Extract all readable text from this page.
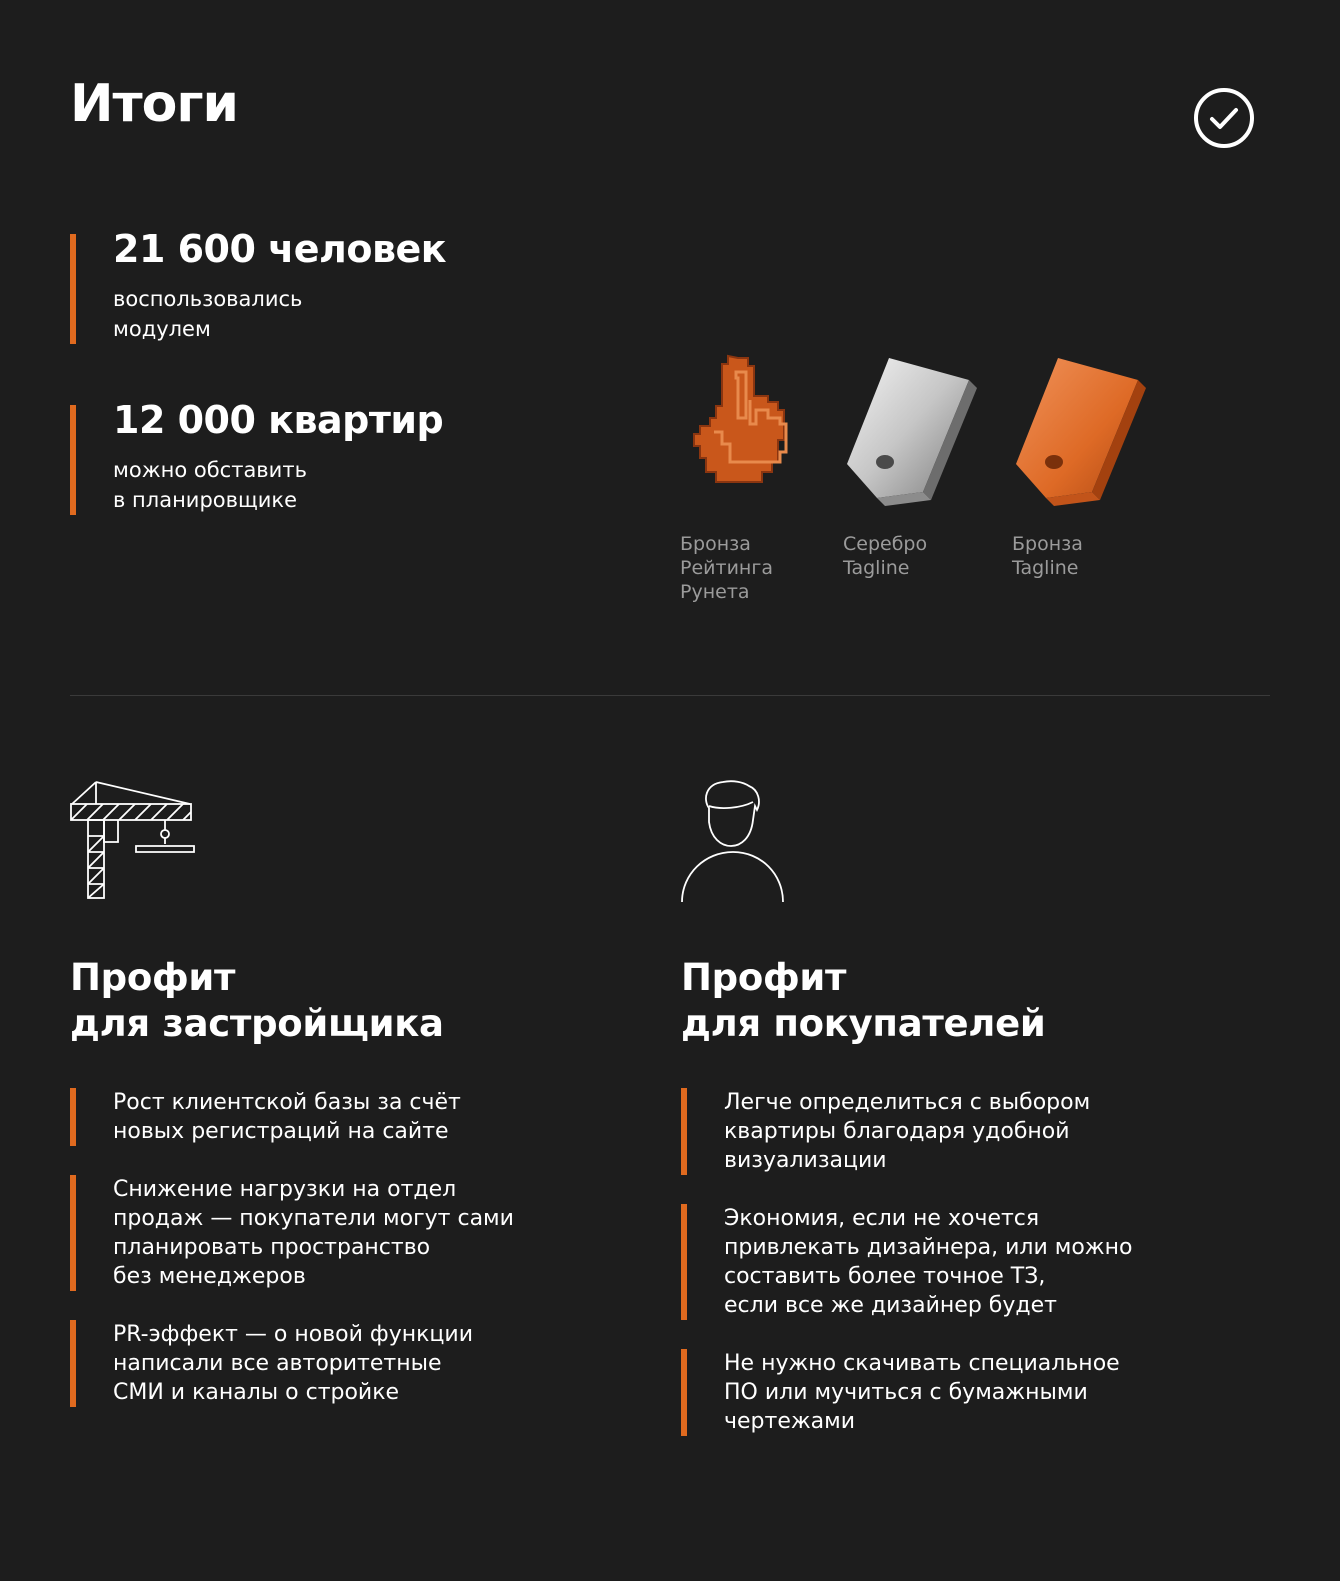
Итоги
21 600 человек
воспользовались
модулем
12 000 квартир
можно обставить
в планировщике
Бронза
Рейтинга
Рунета
Серебро
Tagline
Бронза
Tagline
Профит
для застройщика
Рост клиентской базы за счёт
новых регистраций на сайте
Снижение нагрузки на отдел
продаж — покупатели могут сами
планировать пространство
без менеджеров
PR-эффект — о новой функции
написали все авторитетные
СМИ и каналы о стройке
Профит
для покупателей
Легче определиться с выбором
квартиры благодаря удобной
визуализации
Экономия, если не хочется
привлекать дизайнера, или можно
составить более точное ТЗ,
если все же дизайнер будет
Не нужно скачивать специальное
ПО или мучиться с бумажными
чертежами
